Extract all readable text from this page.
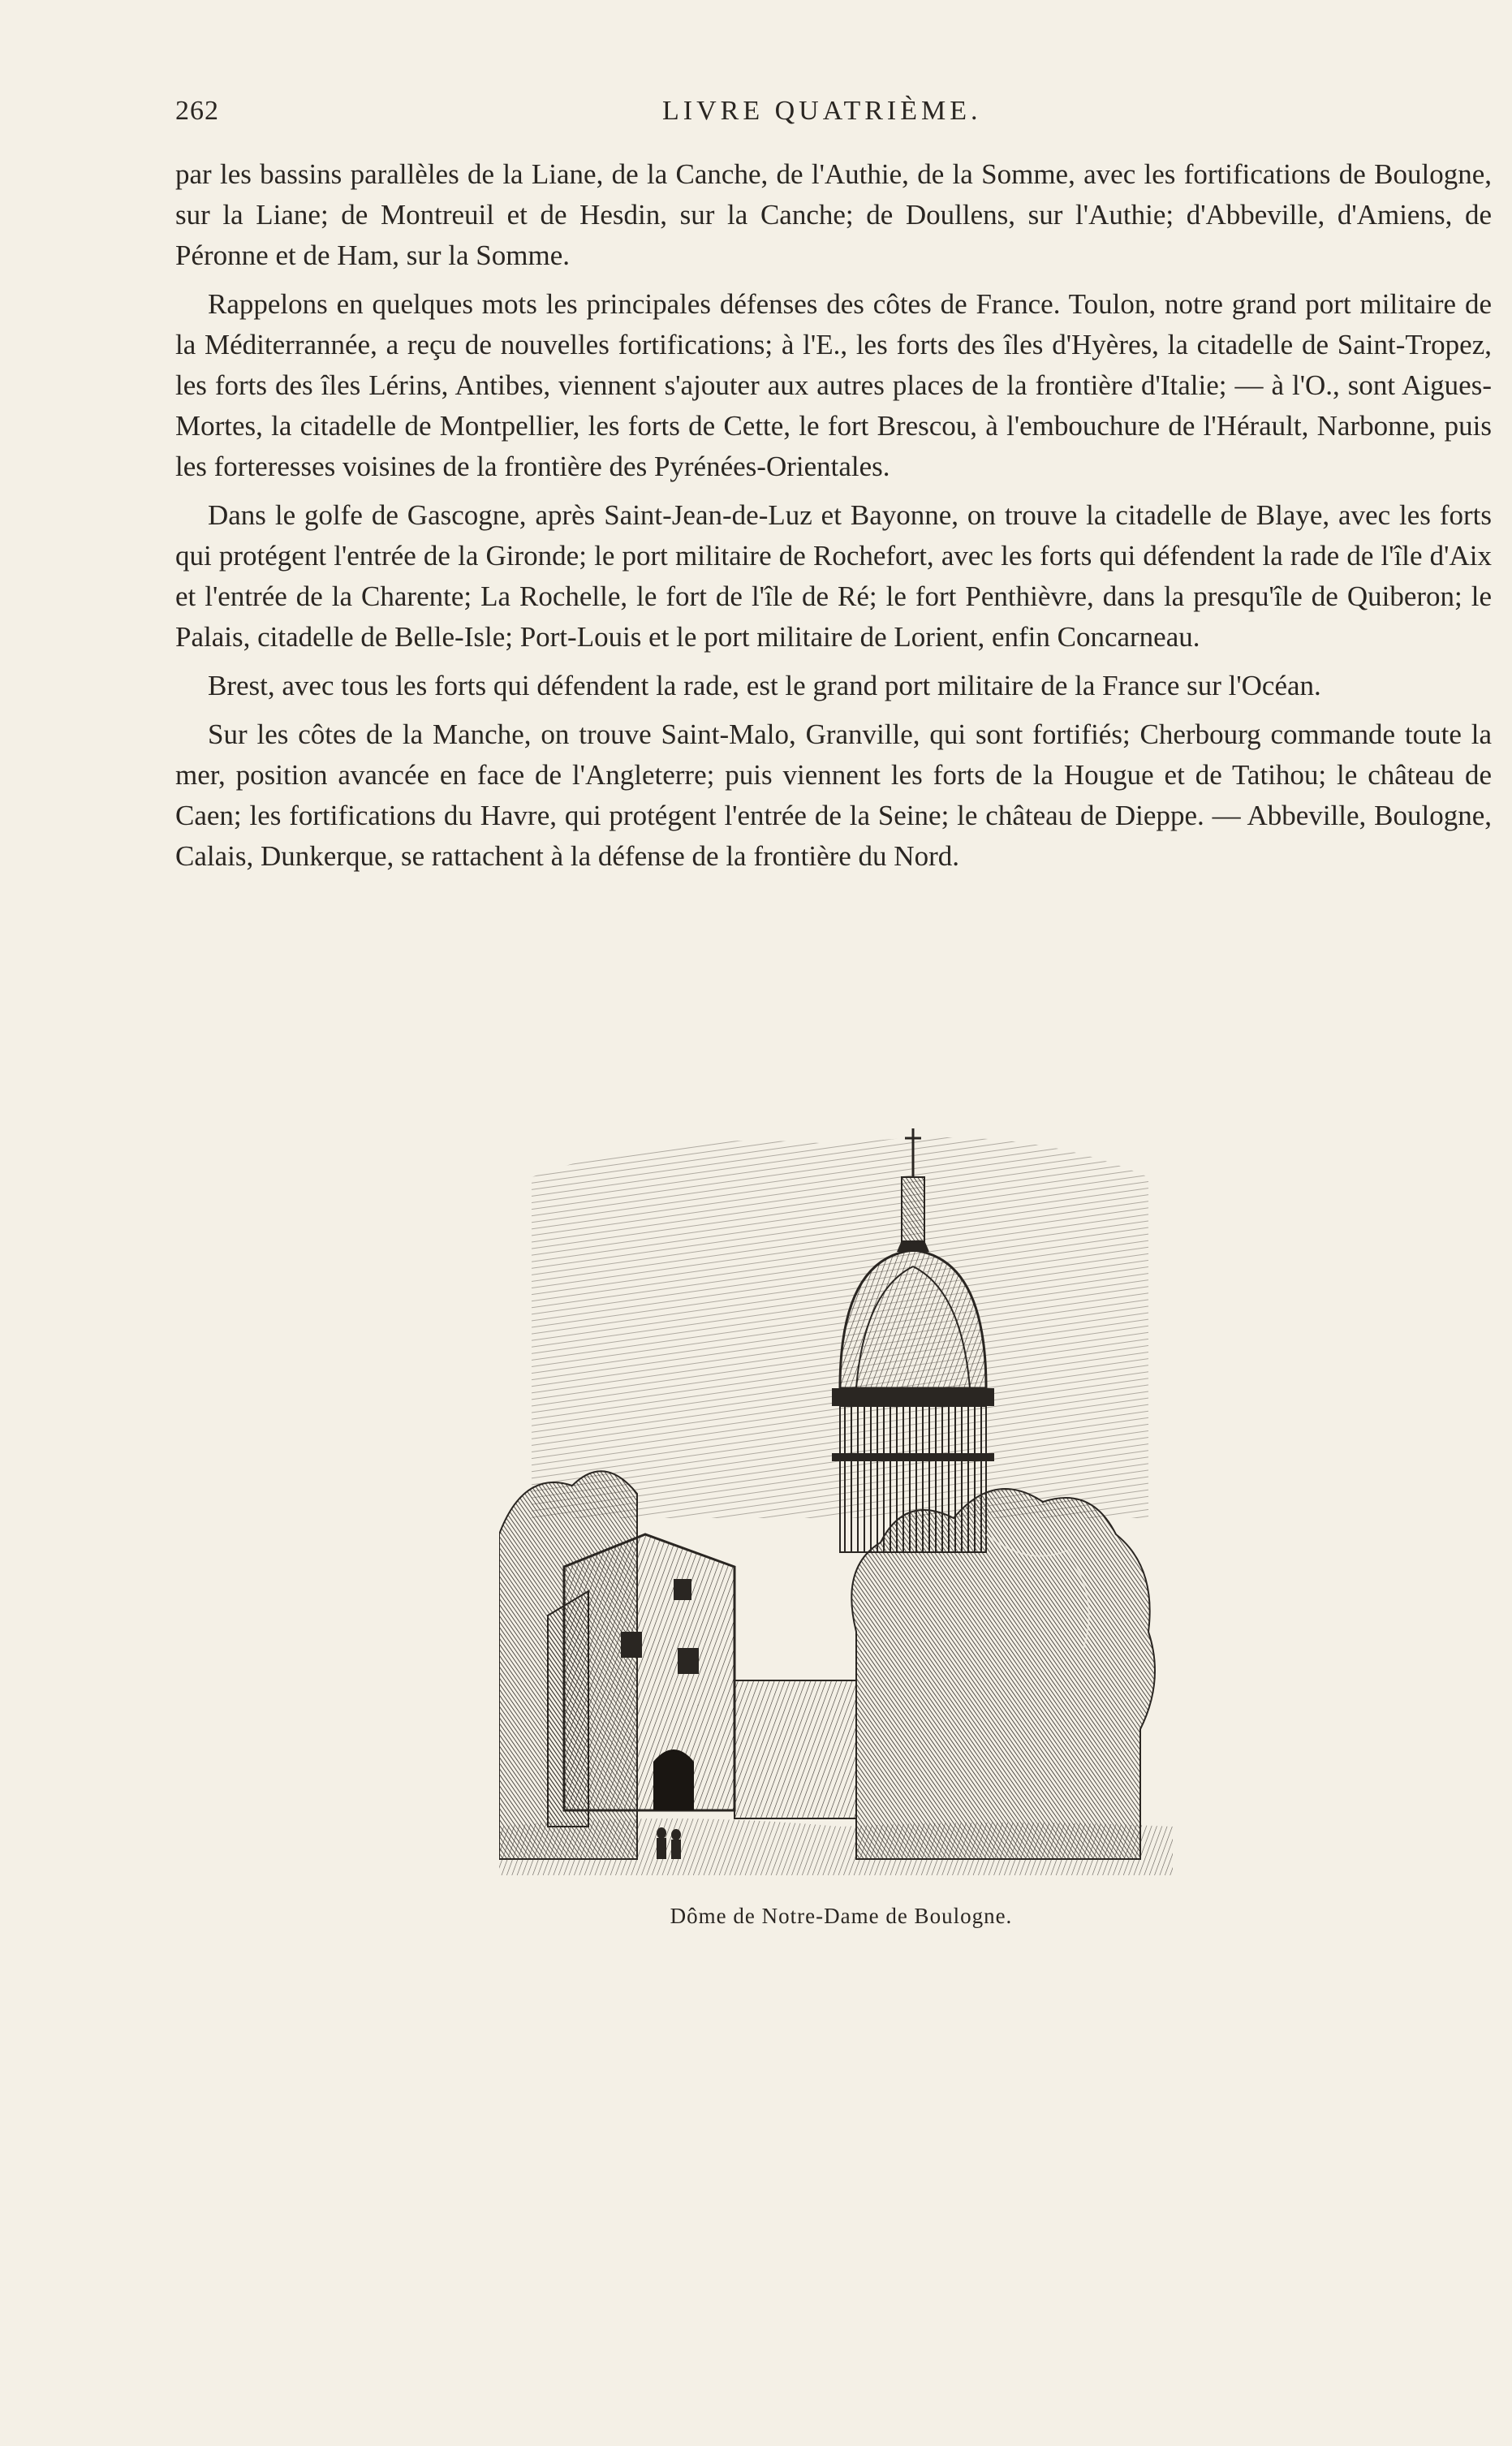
262	LIVRE QUATRIÈME.

par les bassins parallèles de la Liane, de la Canche, de l'Authie, de la Somme, avec les fortifications de Boulogne, sur la Liane; de Montreuil et de Hesdin, sur la Canche; de Doullens, sur l'Authie; d'Abbeville, d'Amiens, de Péronne et de Ham, sur la Somme.

Rappelons en quelques mots les principales défenses des côtes de France. Toulon, notre grand port militaire de la Méditerrannée, a reçu de nouvelles fortifications; à l'E., les forts des îles d'Hyères, la citadelle de Saint-Tropez, les forts des îles Lérins, Antibes, viennent s'ajouter aux autres places de la frontière d'Italie; — à l'O., sont Aigues-Mortes, la citadelle de Montpellier, les forts de Cette, le fort Brescou, à l'embouchure de l'Hérault, Narbonne, puis les forteresses voisines de la frontière des Pyrénées-Orientales.

Dans le golfe de Gascogne, après Saint-Jean-de-Luz et Bayonne, on trouve la citadelle de Blaye, avec les forts qui protégent l'entrée de la Gironde; le port militaire de Rochefort, avec les forts qui défendent la rade de l'île d'Aix et l'entrée de la Charente; La Rochelle, le fort de l'île de Ré; le fort Penthièvre, dans la presqu'île de Quiberon; le Palais, citadelle de Belle-Isle; Port-Louis et le port militaire de Lorient, enfin Concarneau.

Brest, avec tous les forts qui défendent la rade, est le grand port militaire de la France sur l'Océan.

Sur les côtes de la Manche, on trouve Saint-Malo, Granville, qui sont fortifiés; Cherbourg commande toute la mer, position avancée en face de l'Angleterre; puis viennent les forts de la Hougue et de Tatihou; le château de Caen; les fortifications du Havre, qui protégent l'entrée de la Seine; le château de Dieppe. — Abbeville, Boulogne, Calais, Dunkerque, se rattachent à la défense de la frontière du Nord.

Dôme de Notre-Dame de Boulogne.
